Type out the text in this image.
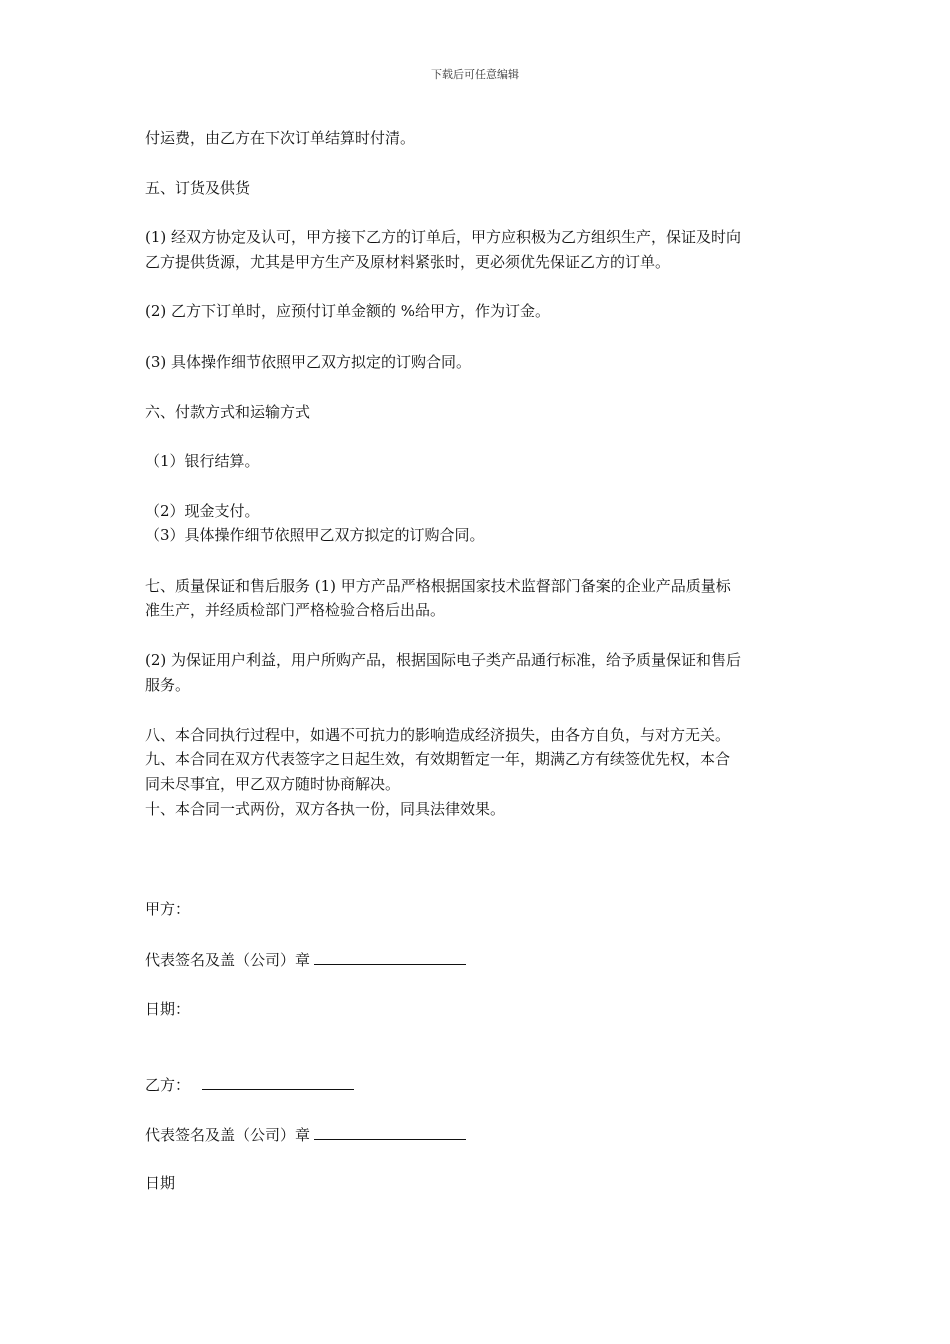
下载后可任意编辑
付运费，由乙方在下次订单结算时付清。
五、订货及供货
(1) 经双方协定及认可，甲方接下乙方的订单后，甲方应积极为乙方组织生产，保证及时向
乙方提供货源，尤其是甲方生产及原材料紧张时，更必须优先保证乙方的订单。
(2) 乙方下订单时，应预付订单金额的 %给甲方，作为订金。
(3) 具体操作细节依照甲乙双方拟定的订购合同。
六、付款方式和运输方式
（1）银行结算。
（2）现金支付。
（3）具体操作细节依照甲乙双方拟定的订购合同。
七、质量保证和售后服务 (1) 甲方产品严格根据国家技术监督部门备案的企业产品质量标
准生产，并经质检部门严格检验合格后出品。
(2) 为保证用户利益，用户所购产品，根据国际电子类产品通行标准，给予质量保证和售后
服务。
八、本合同执行过程中，如遇不可抗力的影响造成经济损失，由各方自负，与对方无关。
九、本合同在双方代表签字之日起生效，有效期暂定一年，期满乙方有续签优先权，本合
同未尽事宜，甲乙双方随时协商解决。
十、本合同一式两份，双方各执一份，同具法律效果。
甲方：
代表签名及盖（公司）章
日期：
乙方：
代表签名及盖（公司）章
日期
